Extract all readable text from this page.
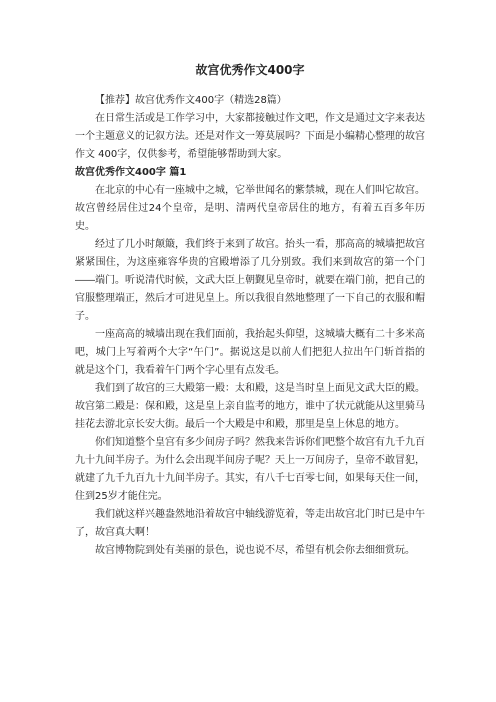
故宫优秀作文400字

【推荐】故宫优秀作文400字（精选28篇）

在日常生活或是工作学习中，大家都接触过作文吧，作文是通过文字来表达一个主题意义的记叙方法。还是对作文一筹莫展吗？下面是小编精心整理的故宫作文 400字，仅供参考，希望能够帮助到大家。

故宫优秀作文400字 篇1

在北京的中心有一座城中之城，它举世闻名的紫禁城，现在人们叫它故宫。故宫曾经居住过24个皇帝，是明、清两代皇帝居住的地方，有着五百多年历史。

经过了几小时颠簸，我们终于来到了故宫。抬头一看，那高高的城墙把故宫紧紧围住，为这座雍容华贵的宫殿增添了几分别致。我们来到故宫的第一个门――端门。听说清代时候，文武大臣上朝觐见皇帝时，就要在端门前，把自己的官服整理端正，然后才可进见皇上。所以我很自然地整理了一下自己的衣服和帽子。

一座高高的城墙出现在我们面前，我抬起头仰望，这城墙大概有二十多米高吧，城门上写着两个大字“午门”。据说这是以前人们把犯人拉出午门斩首指的就是这个门，我看着午门两个字心里有点发毛。

我们到了故宫的三大殿第一殿：太和殿，这是当时皇上面见文武大臣的殿。故宫第二殿是：保和殿，这是皇上亲自监考的地方，谁中了状元就能从这里骑马挂花去游北京长安大街。最后一个大殿是中和殿，那里是皇上休息的地方。

你们知道整个皇宫有多少间房子吗？然我来告诉你们吧整个故宫有九千九百九十九间半房子。为什么会出现半间房子呢？天上一万间房子，皇帝不敢冒犯，就建了九千九百九十九间半房子。其实，有八千七百零七间，如果每天住一间，住到25岁才能住完。

我们就这样兴趣盎然地沿着故宫中轴线游览着，等走出故宫北门时已是中午了，故宫真大啊！

故宫博物院到处有美丽的景色，说也说不尽，希望有机会你去细细赏玩。
